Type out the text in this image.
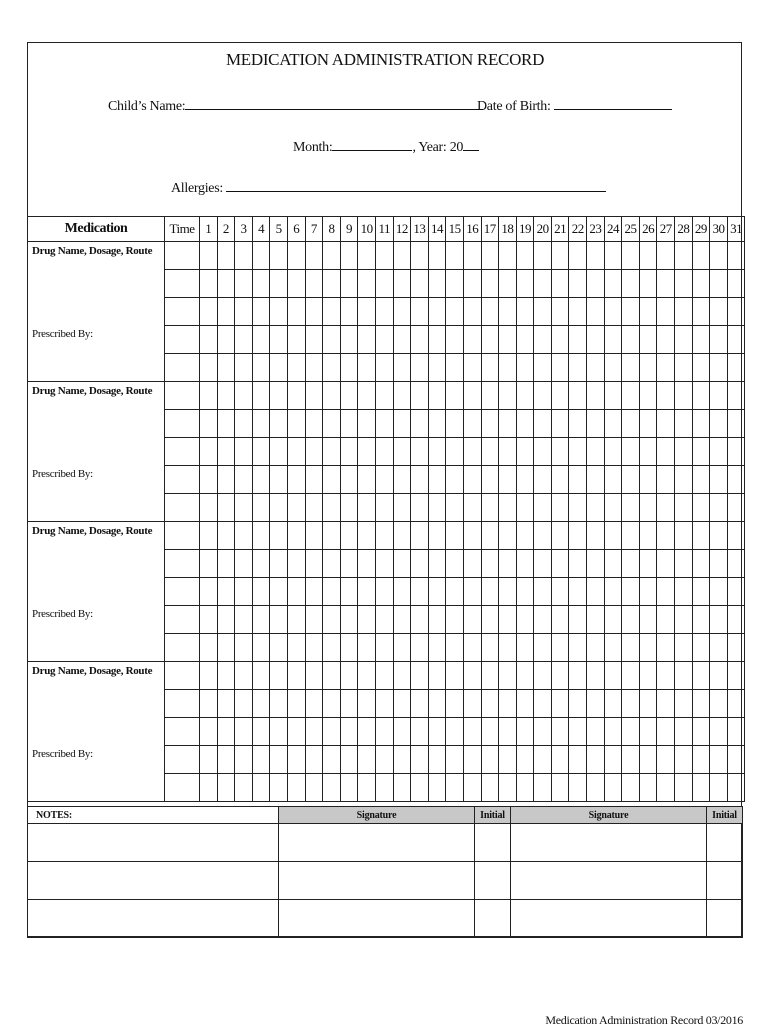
MEDICATION ADMINISTRATION RECORD
Child’s Name:	Date of Birth:
Month:	, Year: 20
Allergies:
Medication	Time	1	2	3	4	5	6	7	8	9	10	11	12	13	14	15	16	17	18	19	20	21	22	23	24	25	26	27	28	29	30	31

Drug Name, Dosage, Route
Prescribed By:																																

Drug Name, Dosage, Route
Prescribed By:																																

Drug Name, Dosage, Route
Prescribed By:																																

Drug Name, Dosage, Route
Prescribed By:																																

NOTES:	Signature	Initial	Signature	Initial

Medication Administration Record 03/2016
